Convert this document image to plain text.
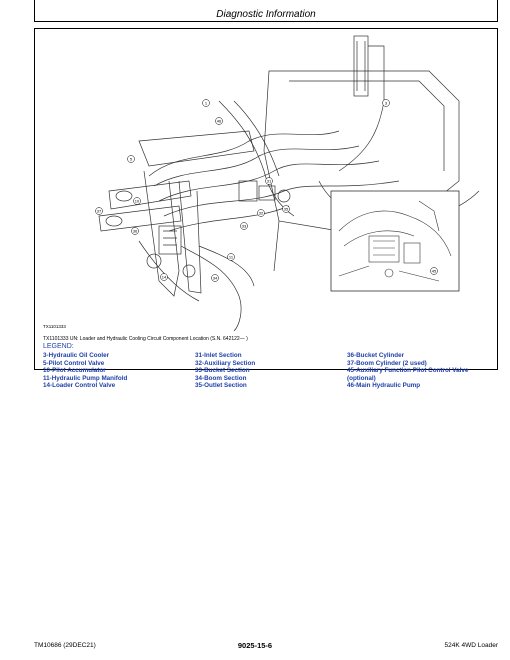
Diagnostic Information
1	3
5
10
11
14
31
32
33
34
35
36
37
45
46
TX1101333
TX1101333 UN: Loader and Hydraulic Cooling Circuit Component Location (S.N. 642122— )
LEGEND:
3-Hydraulic Oil Cooler
5-Pilot Control Valve
10-Pilot Accumulator
11-Hydraulic Pump Manifold
14-Loader Control Valve
31-Inlet Section
32-Auxiliary Section
33-Bucket Section
34-Boom Section
35-Outlet Section
36-Bucket Cylinder
37-Boom Cylinder (2 used)
45-Auxiliary Function Pilot Control Valve (optional)
46-Main Hydraulic Pump
TM10686 (29DEC21)	9025-15-6	524K 4WD Loader
